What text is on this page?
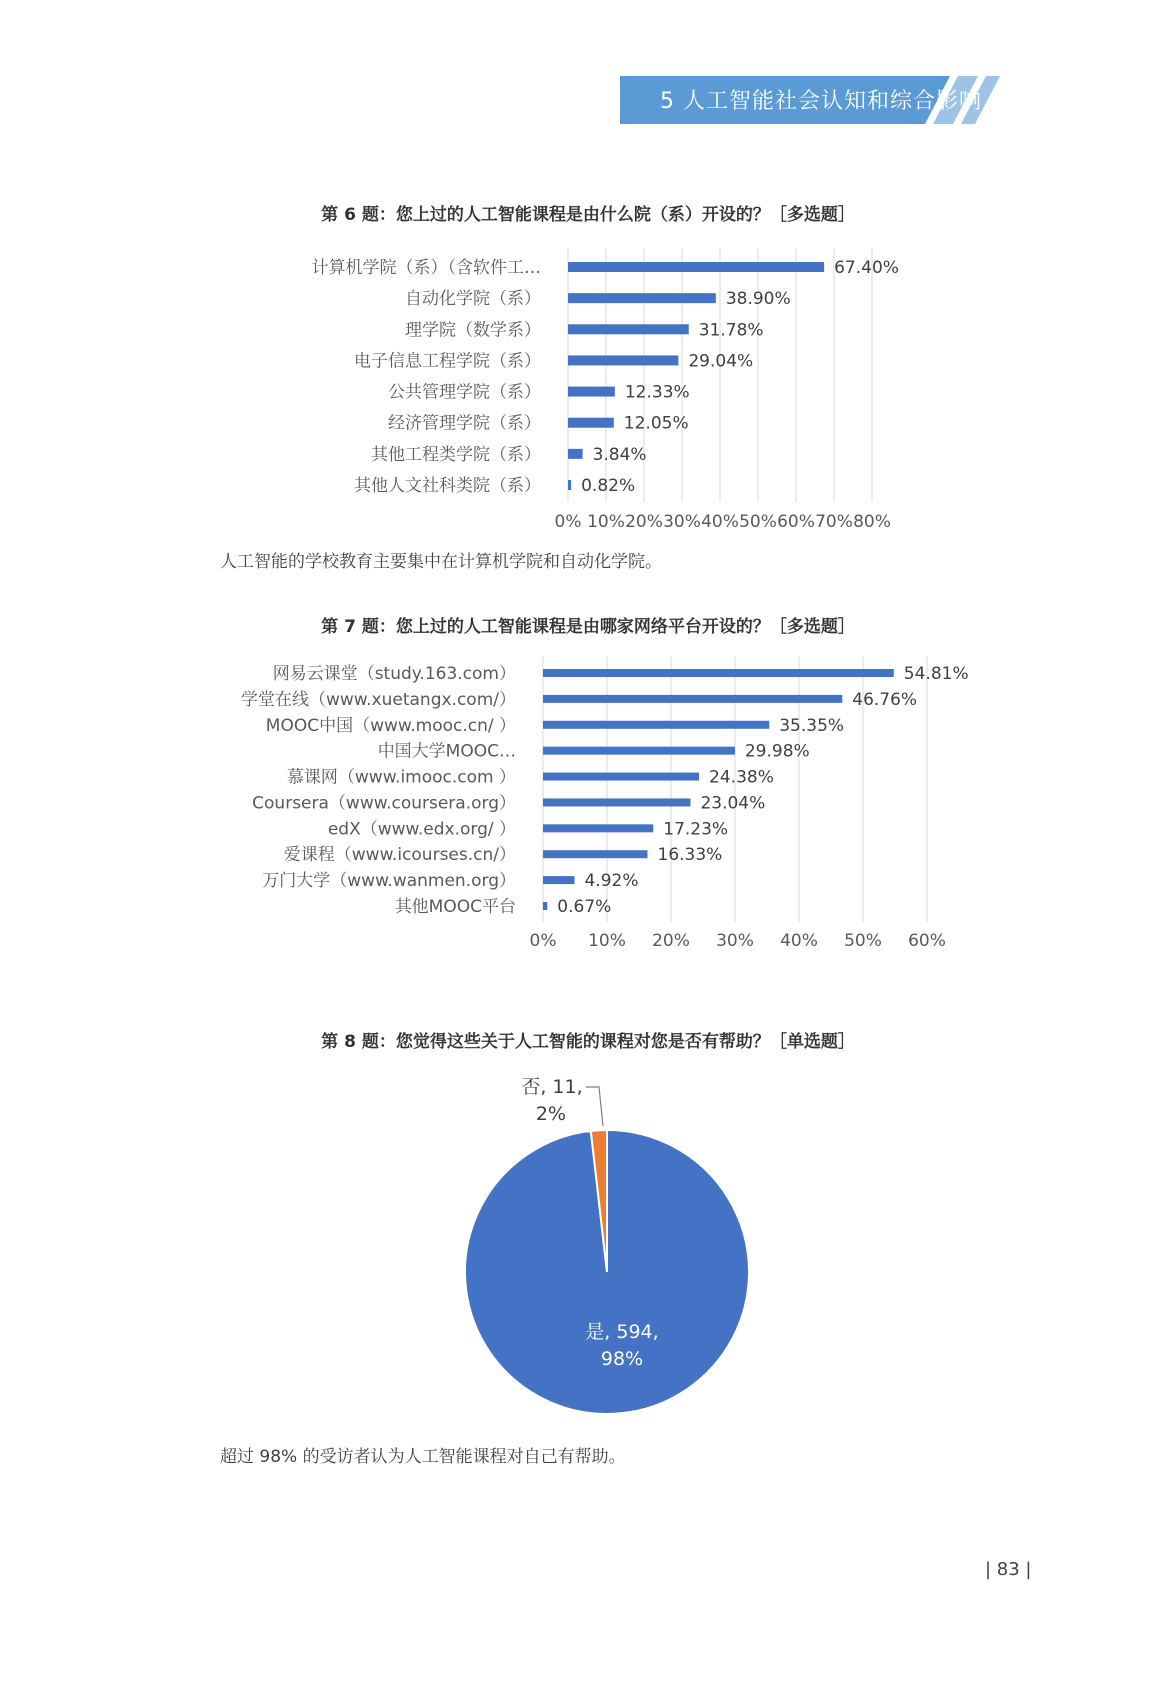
5 人工智能社会认知和综合影响
第 6 题：您上过的人工智能课程是由什么院（系）开设的？［多选题］
0% 10% 20% 30% 40% 50% 60% 70% 80%
计算机学院（系）（含软件工…	67.40%
自动化学院（系）	38.90%
理学院（数学系）	31.78%
电子信息工程学院（系）	29.04%
公共管理学院（系）	12.33%
经济管理学院（系）	12.05%
其他工程类学院（系）	3.84%
其他人文社科类院（系） 0.82%
人工智能的学校教育主要集中在计算机学院和自动化学院。
第 7 题：您上过的人工智能课程是由哪家网络平台开设的？［多选题］
0% 10% 20% 30% 40% 50% 60%
网易云课堂（study.163.com）	54.81%
学堂在线（www.xuetangx.com/）	46.76%
MOOC中国（www.mooc.cn/ ）	35.35%
中国大学MOOC…	29.98%
慕课网（www.imooc.com ）	24.38%
Coursera（www.coursera.org）	23.04%
edX（www.edx.org/ ）	17.23%
爱课程（www.icourses.cn/）	16.33%
万门大学（www.wanmen.org）	4.92%
其他MOOC平台 0.67%
第 8 题：您觉得这些关于人工智能的课程对您是否有帮助？［单选题］
是, 594,
98%
否, 11,
2%
超过 98% 的受访者认为人工智能课程对自己有帮助。
| 83 |
